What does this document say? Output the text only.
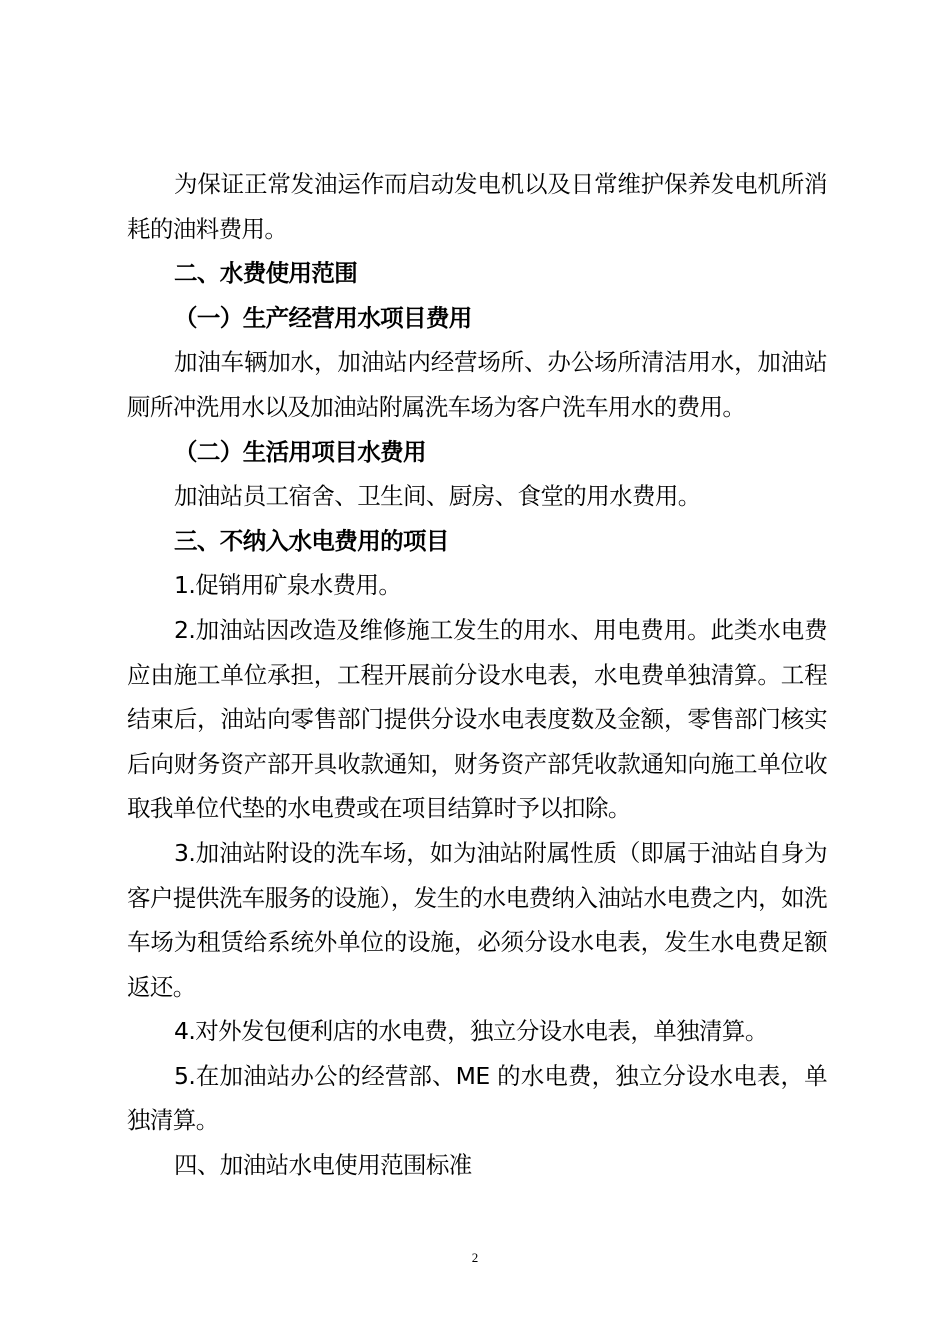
为保证正常发油运作而启动发电机以及日常维护保养发电机所消耗的油料费用。

二、水费使用范围

（一）生产经营用水项目费用

加油车辆加水，加油站内经营场所、办公场所清洁用水，加油站厕所冲洗用水以及加油站附属洗车场为客户洗车用水的费用。

（二）生活用项目水费用

加油站员工宿舍、卫生间、厨房、食堂的用水费用。

三、不纳入水电费用的项目

1.促销用矿泉水费用。

2.加油站因改造及维修施工发生的用水、用电费用。此类水电费应由施工单位承担，工程开展前分设水电表，水电费单独清算。工程结束后，油站向零售部门提供分设水电表度数及金额，零售部门核实后向财务资产部开具收款通知，财务资产部凭收款通知向施工单位收取我单位代垫的水电费或在项目结算时予以扣除。

3.加油站附设的洗车场，如为油站附属性质（即属于油站自身为客户提供洗车服务的设施），发生的水电费纳入油站水电费之内，如洗车场为租赁给系统外单位的设施，必须分设水电表，发生水电费足额返还。

4.对外发包便利店的水电费，独立分设水电表，单独清算。

5.在加油站办公的经营部、ME 的水电费，独立分设水电表，单独清算。

四、加油站水电使用范围标准

2
